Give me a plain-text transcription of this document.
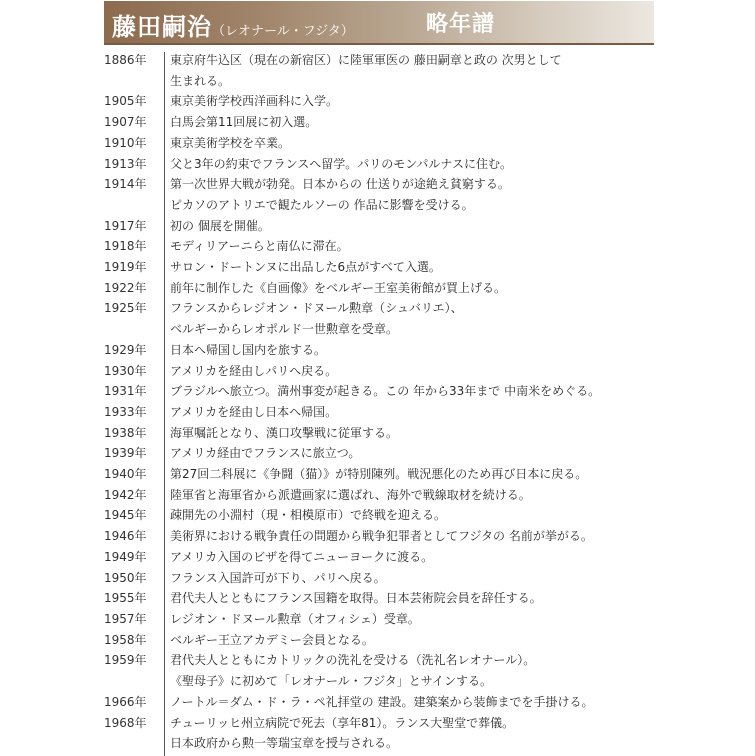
藤田嗣治（レオナール・フジタ）	略年譜
1886年	東京府牛込区（現在の新宿区）に陸軍軍医の 藤田嗣章と政の 次男として
生まれる。
1905年	東京美術学校西洋画科に入学。
1907年	白馬会第11回展に初入選。
1910年	東京美術学校を卒業。
1913年	父と3年の約束でフランスへ留学。パリのモンパルナスに住む。
1914年	第一次世界大戦が勃発。日本からの 仕送りが途絶え貧窮する。
ピカソのアトリエで観たルソーの 作品に影響を受ける。
1917年	初の 個展を開催。
1918年	モディリアーニらと南仏に滞在。
1919年	サロン・ドートンヌに出品した6点がすべて入選。
1922年	前年に制作した《自画像》をベルギー王室美術館が買上げる。
1925年	フランスからレジオン・ドヌール勲章（シュバリエ）、
ベルギーからレオポルド一世勲章を受章。
1929年	日本へ帰国し国内を旅する。
1930年	アメリカを経由しパリへ戻る。
1931年	ブラジルへ旅立つ。満州事変が起きる。この 年から33年まで 中南米をめぐる。
1933年	アメリカを経由し日本へ帰国。
1938年	海軍嘱託となり、漢口攻撃戦に従軍する。
1939年	アメリカ経由でフランスに旅立つ。
1940年	第27回二科展に《争闘（猫）》が特別陳列。戦況悪化のため再び日本に戻る。
1942年	陸軍省と海軍省から派遣画家に選ばれ、海外で戦線取材を続ける。
1945年	疎開先の小淵村（現・相模原市）で終戦を迎える。
1946年	美術界における戦争責任の問題から戦争犯罪者としてフジタの 名前が挙がる。
1949年	アメリカ入国のビザを得てニューヨークに渡る。
1950年	フランス入国許可が下り、パリへ戻る。
1955年	君代夫人とともにフランス国籍を取得。日本芸術院会員を辞任する。
1957年	レジオン・ドヌール勲章（オフィシェ）受章。
1958年	ベルギー王立アカデミー会員となる。
1959年	君代夫人とともにカトリックの洗礼を受ける（洗礼名レオナール）。
《聖母子》に初めて「レオナール・フジタ」とサインする。
1966年	ノートル＝ダム・ド・ラ・ペ礼拝堂の 建設。建築案から装飾までを手掛ける。
1968年	チューリッヒ州立病院で死去（享年81）。ランス大聖堂で葬儀。
日本政府から勲一等瑞宝章を授与される。
